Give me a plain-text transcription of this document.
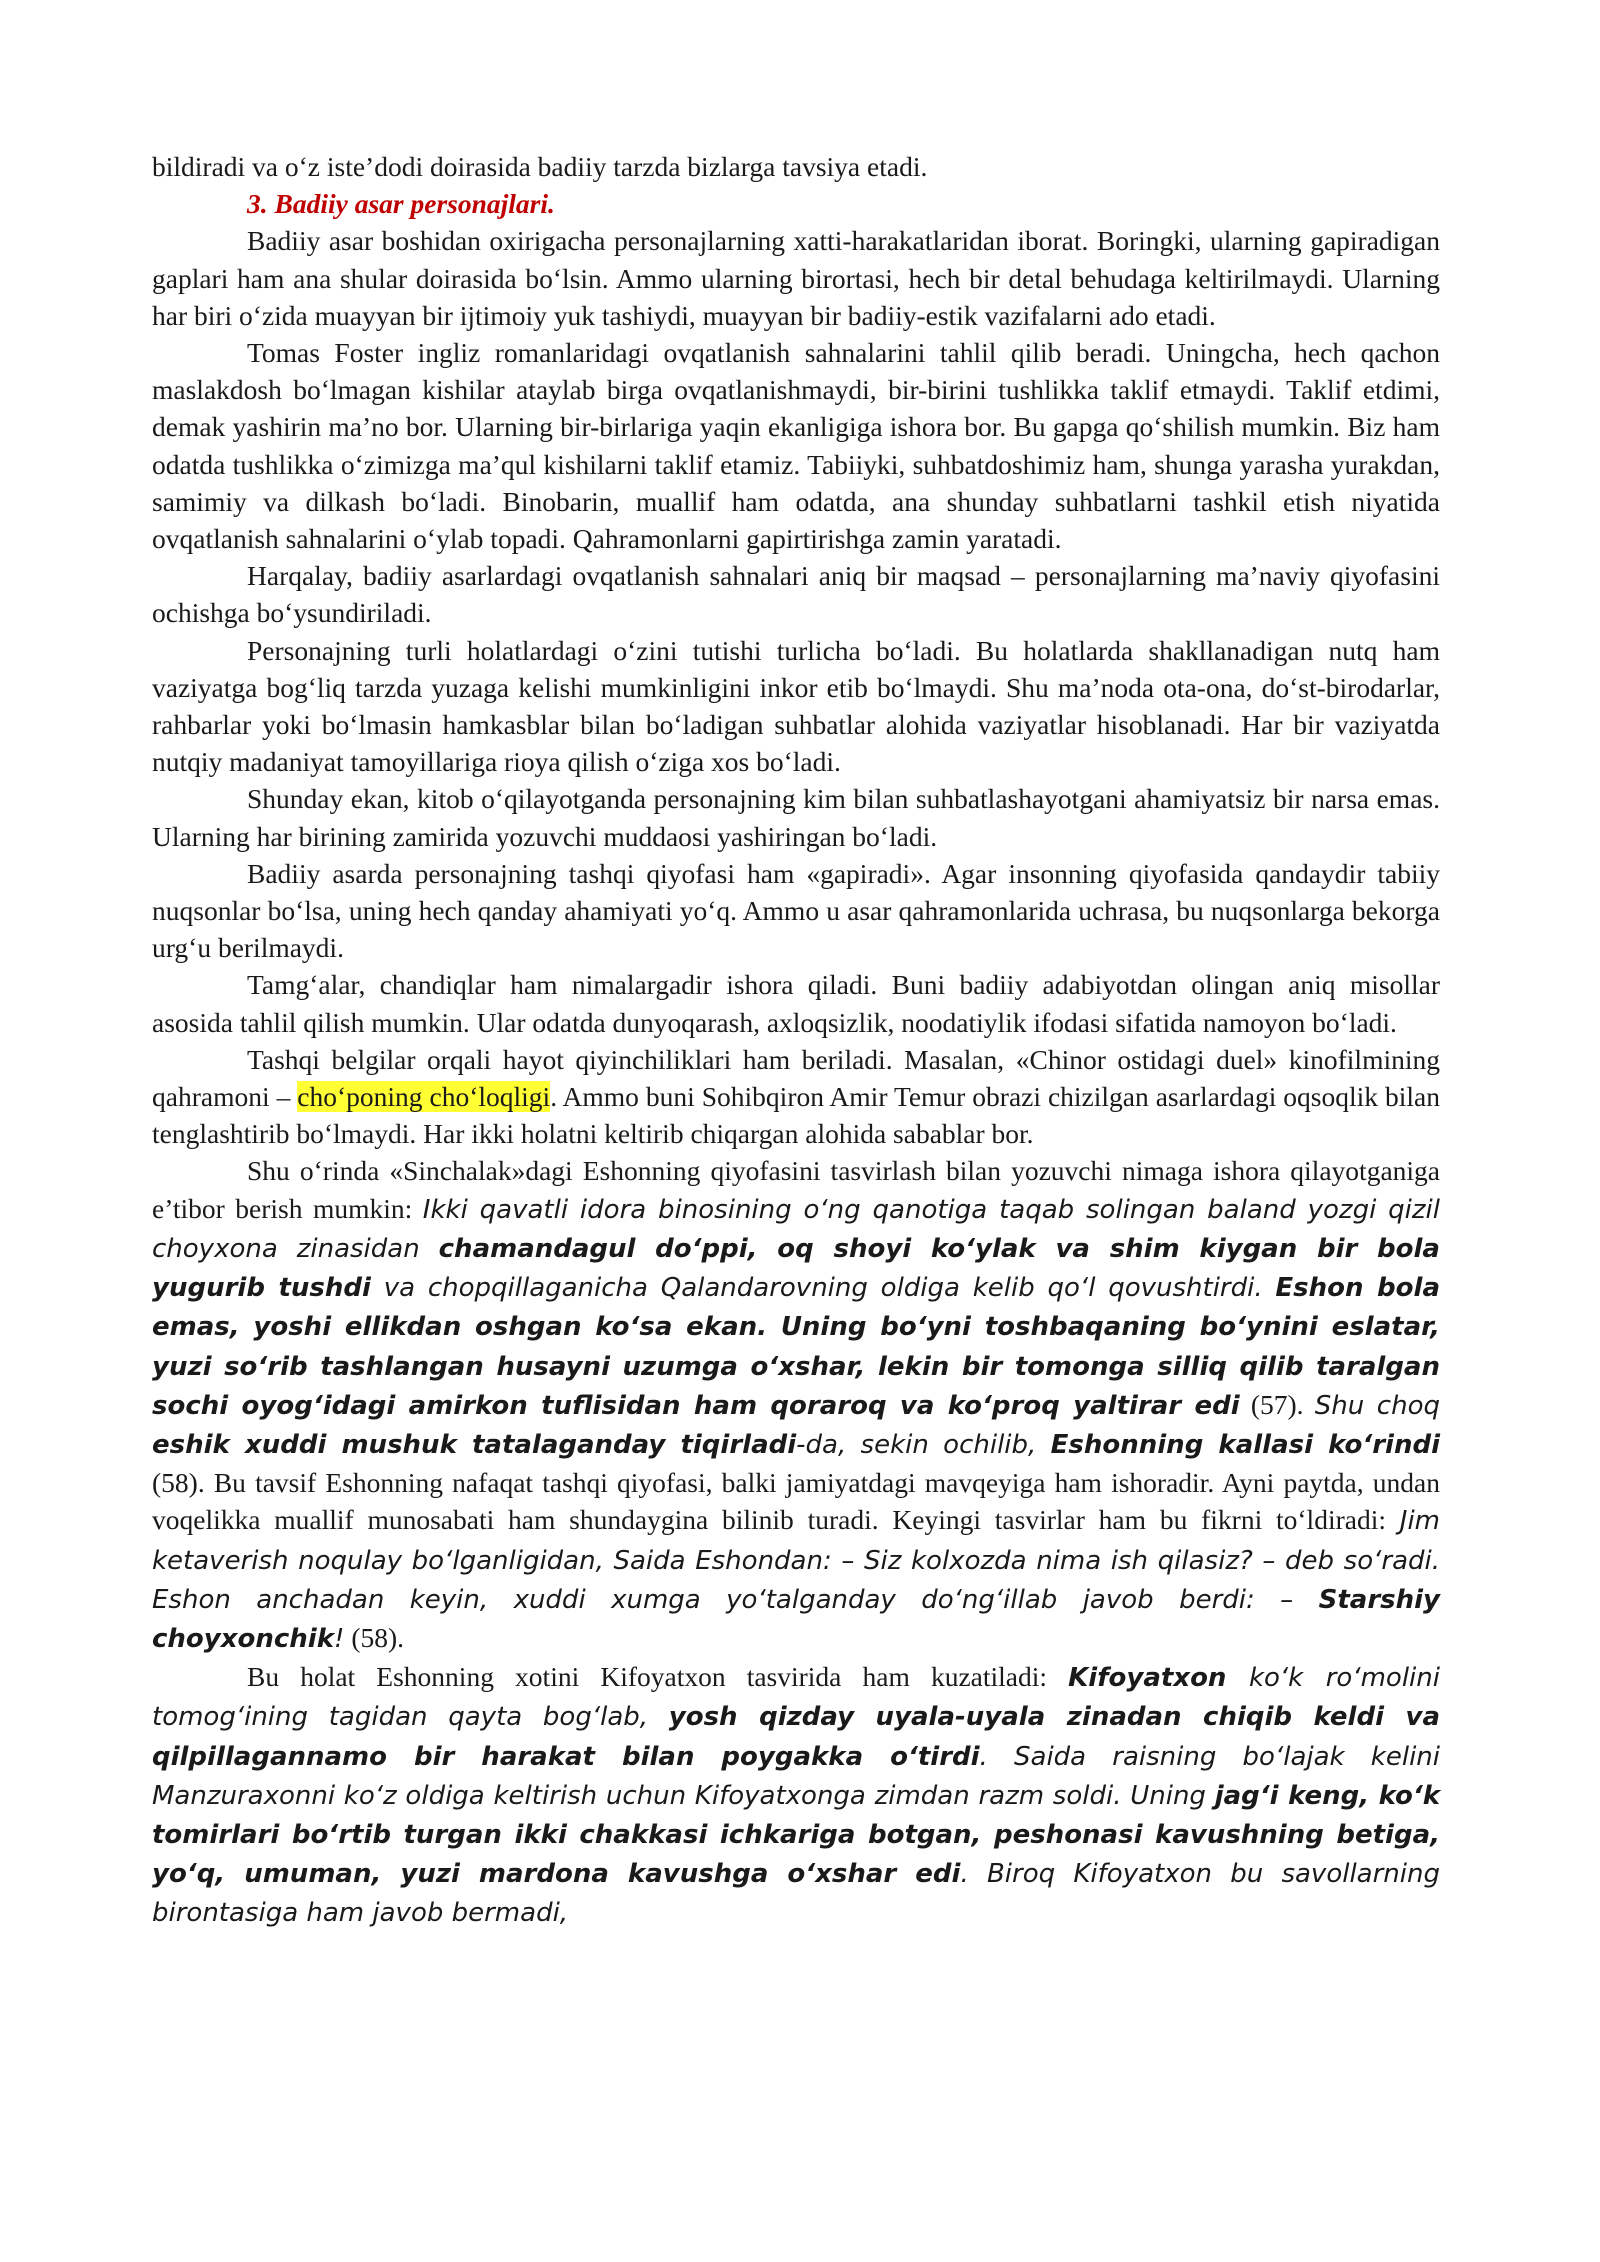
bildiradi va o‘z iste’dodi doirasida badiiy tarzda bizlarga tavsiya etadi.

3. Badiiy asar personajlari.

Badiiy asar boshidan oxirigacha personajlarning xatti-harakatlaridan iborat. Boringki, ularning gapiradigan gaplari ham ana shular doirasida bo‘lsin. Ammo ularning birortasi, hech bir detal behudaga keltirilmaydi. Ularning har biri o‘zida muayyan bir ijtimoiy yuk tashiydi, muayyan bir badiiy-estik vazifalarni ado etadi.

Tomas Foster ingliz romanlaridagi ovqatlanish sahnalarini tahlil qilib beradi. Uningcha, hech qachon maslakdosh bo‘lmagan kishilar ataylab birga ovqatlanishmaydi, bir-birini tushlikka taklif etmaydi. Taklif etdimi, demak yashirin ma’no bor. Ularning bir-birlariga yaqin ekanligiga ishora bor. Bu gapga qo‘shilish mumkin. Biz ham odatda tushlikka o‘zimizga ma’qul kishilarni taklif etamiz. Tabiiyki, suhbatdoshimiz ham, shunga yarasha yurakdan, samimiy va dilkash bo‘ladi. Binobarin, muallif ham odatda, ana shunday suhbatlarni tashkil etish niyatida ovqatlanish sahnalarini o‘ylab topadi. Qahramonlarni gapirtirishga zamin yaratadi.

Harqalay, badiiy asarlardagi ovqatlanish sahnalari aniq bir maqsad – personajlarning ma’naviy qiyofasini ochishga bo‘ysundiriladi.

Personajning turli holatlardagi o‘zini tutishi turlicha bo‘ladi. Bu holatlarda shakllanadigan nutq ham vaziyatga bog‘liq tarzda yuzaga kelishi mumkinligini inkor etib bo‘lmaydi. Shu ma’noda ota-ona, do‘st-birodarlar, rahbarlar yoki bo‘lmasin hamkasblar bilan bo‘ladigan suhbatlar alohida vaziyatlar hisoblanadi. Har bir vaziyatda nutqiy madaniyat tamoyillariga rioya qilish o‘ziga xos bo‘ladi.

Shunday ekan, kitob o‘qilayotganda personajning kim bilan suhbatlashayotgani ahamiyatsiz bir narsa emas. Ularning har birining zamirida yozuvchi muddaosi yashiringan bo‘ladi.

Badiiy asarda personajning tashqi qiyofasi ham «gapiradi». Agar insonning qiyofasida qandaydir tabiiy nuqsonlar bo‘lsa, uning hech qanday ahamiyati yo‘q. Ammo u asar qahramonlarida uchrasa, bu nuqsonlarga bekorga urg‘u berilmaydi.

Tamg‘alar, chandiqlar ham nimalargadir ishora qiladi. Buni badiiy adabiyotdan olingan aniq misollar asosida tahlil qilish mumkin. Ular odatda dunyoqarash, axloqsizlik, noodatiylik ifodasi sifatida namoyon bo‘ladi.

Tashqi belgilar orqali hayot qiyinchiliklari ham beriladi. Masalan, «Chinor ostidagi duel» kinofilmining qahramoni – cho‘poning cho‘loqligi. Ammo buni Sohibqiron Amir Temur obrazi chizilgan asarlardagi oqsoqlik bilan tenglashtirib bo‘lmaydi. Har ikki holatni keltirib chiqargan alohida sabablar bor.

Shu o‘rinda «Sinchalak»dagi Eshonning qiyofasini tasvirlash bilan yozuvchi nimaga ishora qilayotganiga e’tibor berish mumkin: Ikki qavatli idora binosining o‘ng qanotiga taqab solingan baland yozgi qizil choyxona zinasidan chamandagul do‘ppi, oq shoyi ko‘ylak va shim kiygan bir bola yugurib tushdi va chopqillaganicha Qalandarovning oldiga kelib qo‘l qovushtirdi. Eshon bola emas, yoshi ellikdan oshgan ko‘sa ekan. Uning bo‘yni toshbaqaning bo‘ynini eslatar, yuzi so‘rib tashlangan husayni uzumga o‘xshar, lekin bir tomonga silliq qilib taralgan sochi oyog‘idagi amirkon tuflisidan ham qoraroq va ko‘proq yaltirar edi (57). Shu choq eshik xuddi mushuk tatalaganday tiqirladi-da, sekin ochilib, Eshonning kallasi ko‘rindi (58). Bu tavsif Eshonning nafaqat tashqi qiyofasi, balki jamiyatdagi mavqeyiga ham ishoradir. Ayni paytda, undan voqelikka muallif munosabati ham shundaygina bilinib turadi. Keyingi tasvirlar ham bu fikrni to‘ldiradi: Jim ketaverish noqulay bo‘lganligidan, Saida Eshondan: – Siz kolxozda nima ish qilasiz? – deb so‘radi. Eshon anchadan keyin, xuddi xumga yo‘talganday do‘ng‘illab javob berdi: – Starshiy choyxonchik! (58).

Bu holat Eshonning xotini Kifoyatxon tasvirida ham kuzatiladi: Kifoyatxon ko‘k ro‘molini tomog‘ining tagidan qayta bog‘lab, yosh qizday uyala-uyala zinadan chiqib keldi va qilpillagannamo bir harakat bilan poygakka o‘tirdi. Saida raisning bo‘lajak kelini Manzuraxonni ko‘z oldiga keltirish uchun Kifoyatxonga zimdan razm soldi. Uning jag‘i keng, ko‘k tomirlari bo‘rtib turgan ikki chakkasi ichkariga botgan, peshonasi kavushning betiga, yo‘q, umuman, yuzi mardona kavushga o‘xshar edi. Biroq Kifoyatxon bu savollarning birontasiga ham javob bermadi,
